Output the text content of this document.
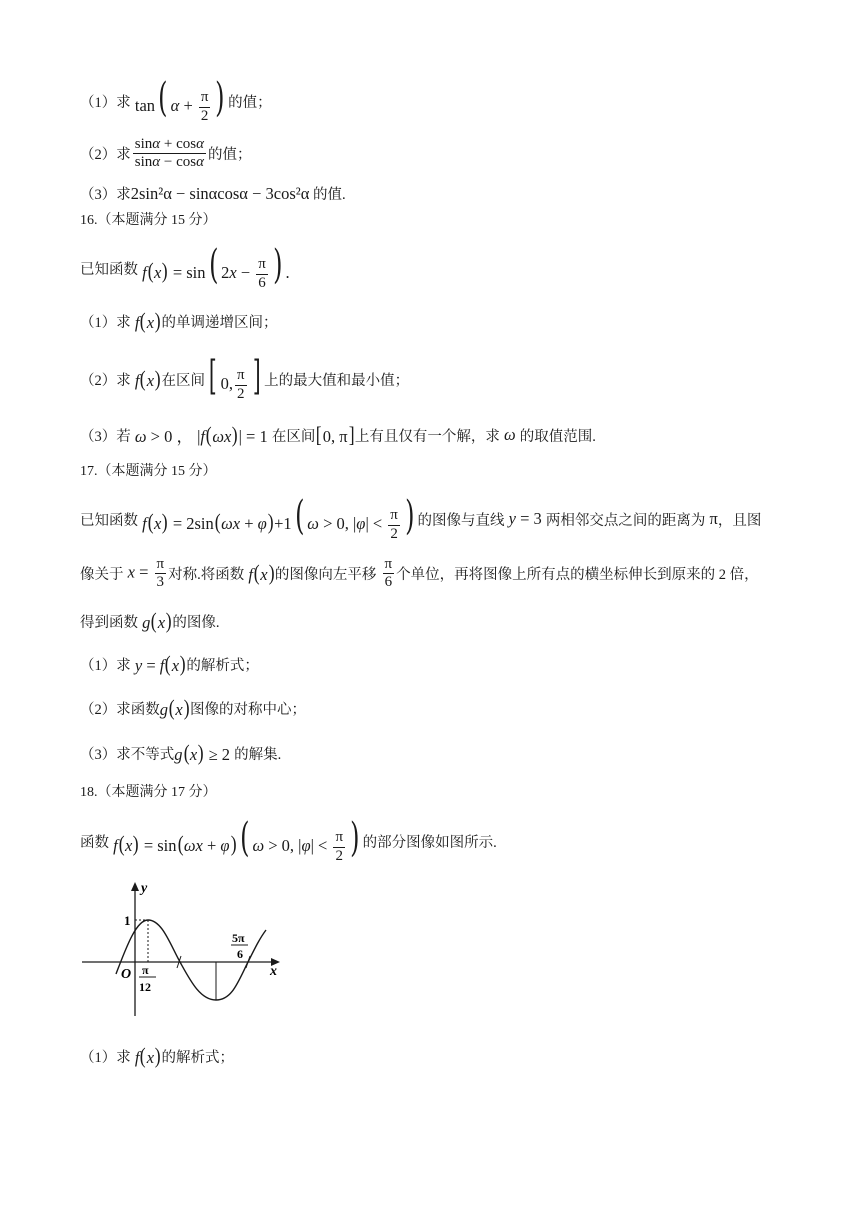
（1）求 tan( $\alpha + \frac{\pi}{2}$ ) 的值；
（2）求 $\frac{\sin\alpha + \cos\alpha}{\sin\alpha - \cos\alpha}$ 的值；
（3）求 2sin²α − sinαcosα − 3cos²α
的值.
16.（本题满分 15 分）
已知函数 f(x) = sin( $2x - \frac{\pi}{6}$ ) .
（1）求 f(x) 的单调递增区间；
（2）求 f(x) 在区间 [ 0, $\frac{\pi}{2}$ ] 上的最大值和最小值；
（3）若 ω > 0 ， |f(ωx)| = 1 在区间 [0, π] 上有且仅有一个解，求 ω 的取值范围.
17.（本题满分 15 分）
已知函数 f(x) = 2sin(ωx + φ)+1( ω > 0, $|\varphi| < \frac{\pi}{2}$ ) 的图像与直线 y = 3 两相邻交点之间的距离为 π ，且图
像关于 $x = \frac{\pi}{3}$ 对称.将函数 f(x) 的图像向左平移
$\frac{\pi}{6}$ 个单位，再将图像上所有点的横坐标伸长到原来的 2 倍，
得到函数 g(x) 的图像.
（1）求 y = f(x) 的解析式；
（2）求函数 g(x) 图像的对称中心；
（3）求不等式 g(x) ≥ 2 的解集.
18.（本题满分 17 分）
函数 f(x) = sin(ωx + φ)( ω > 0, $|\varphi| < \frac{\pi}{2}$ ) 的部分图像如图所示.
y
x
O
1
π
12
5π
6
（1）求 f(x) 的解析式；
